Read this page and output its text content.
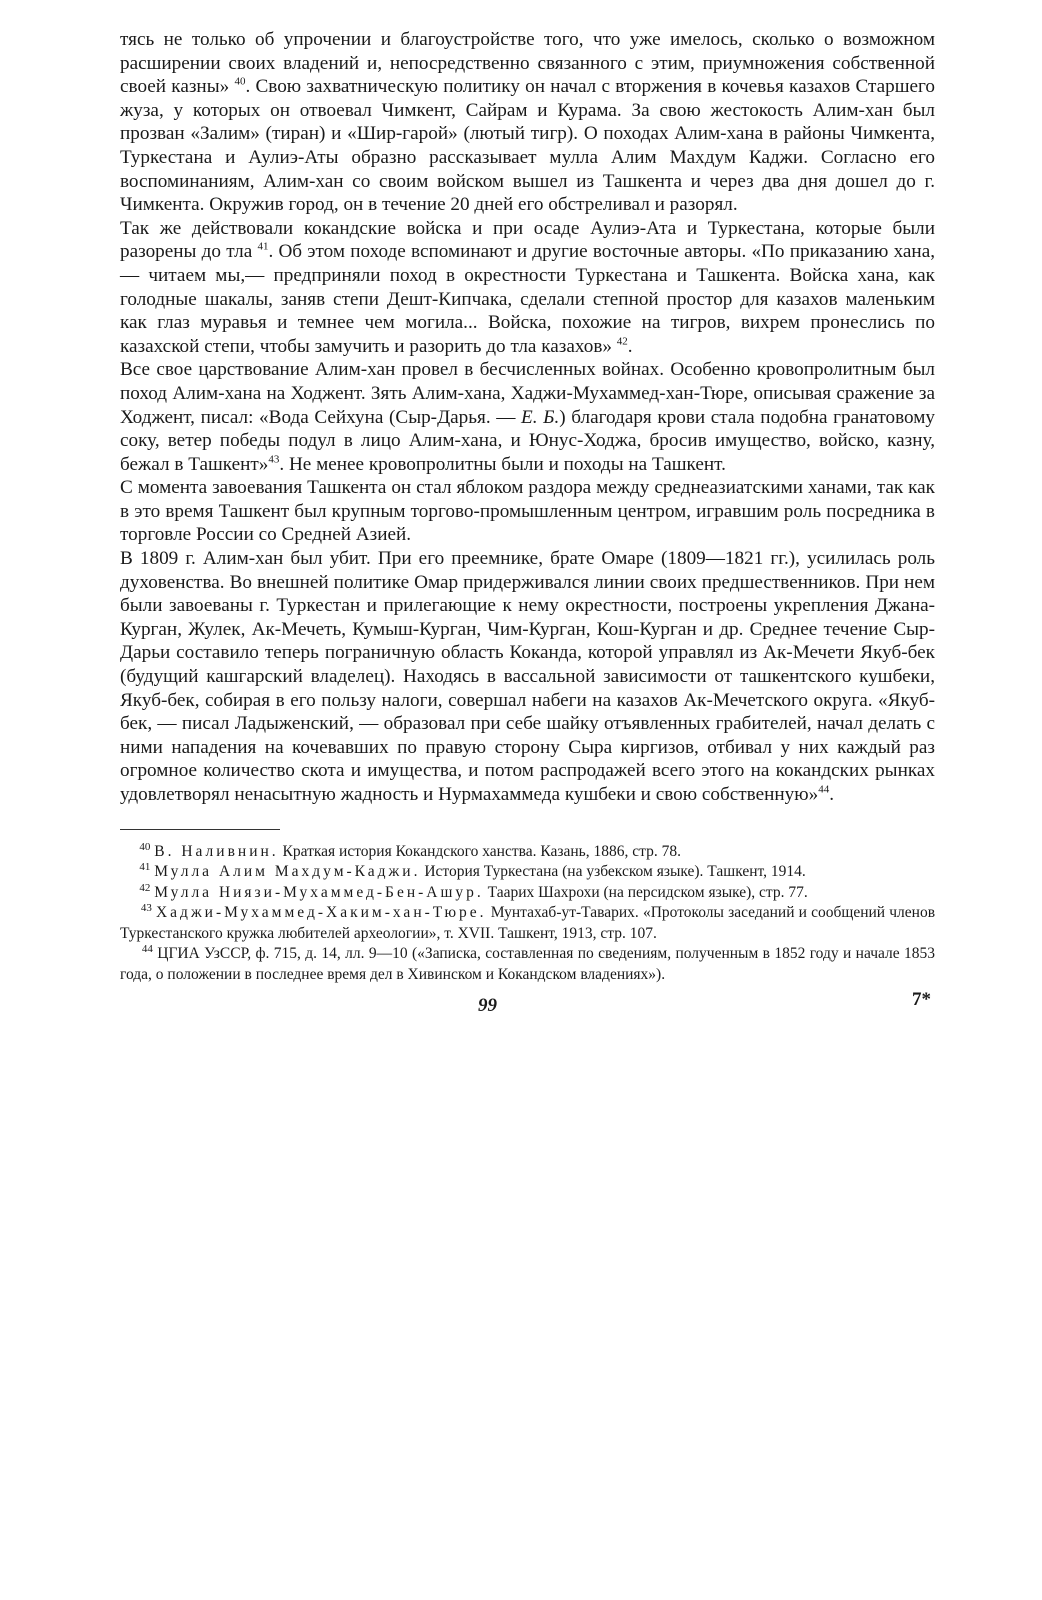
тясь не только об упрочении и благоустройстве того, что уже имелось, сколько о возможном расширении своих владений и, непосредственно связанного с этим, приумножения собственной своей казны» $^{40}$. Свою захватническую политику он начал с вторжения в кочевья казахов Старшего жуза, у которых он отвоевал Чимкент, Сайрам и Курама. За свою жестокость Алим-хан был прозван «Залим» (тиран) и «Шир-гарой» (лютый тигр). О походах Алим-хана в районы Чимкента, Туркестана и Аулиэ-Аты образно рассказывает мулла Алим Махдум Каджи. Согласно его воспоминаниям, Алим-хан со своим войском вышел из Ташкента и через два дня дошел до г. Чимкента. Окружив город, он в течение 20 дней его обстреливал и разорял.

Так же действовали кокандские войска и при осаде Аулиэ-Ата и Туркестана, которые были разорены до тла $^{41}$. Об этом походе вспоминают и другие восточные авторы. «По приказанию хана, — читаем мы,— предприняли поход в окрестности Туркестана и Ташкента. Войска хана, как голодные шакалы, заняв степи Дешт-Кипчака, сделали степной простор для казахов маленьким как глаз муравья и темнее чем могила... Войска, похожие на тигров, вихрем пронеслись по казахской степи, чтобы замучить и разорить до тла казахов» $^{42}$.

Все свое царствование Алим-хан провел в бесчисленных войнах. Особенно кровопролитным был поход Алим-хана на Ходжент. Зять Алим-хана, Хаджи-Мухаммед-хан-Тюре, описывая сражение за Ходжент, писал: «Вода Сейхуна (Сыр-Дарья. — Е. Б.) благодаря крови стала подобна гранатовому соку, ветер победы подул в лицо Алим-хана, и Юнус-Ходжа, бросив имущество, войско, казну, бежал в Ташкент»$^{43}$. Не менее кровопролитны были и походы на Ташкент.

С момента завоевания Ташкента он стал яблоком раздора между среднеазиатскими ханами, так как в это время Ташкент был крупным торгово-промышленным центром, игравшим роль посредника в торговле России со Средней Азией.

В 1809 г. Алим-хан был убит. При его преемнике, брате Омаре (1809—1821 гг.), усилилась роль духовенства. Во внешней политике Омар придерживался линии своих предшественников. При нем были завоеваны г. Туркестан и прилегающие к нему окрестности, построены укрепления Джана-Курган, Жулек, Ак-Мечеть, Кумыш-Курган, Чим-Курган, Кош-Курган и др. Среднее течение Сыр-Дарьи составило теперь пограничную область Коканда, которой управлял из Ак-Мечети Якуб-бек (будущий кашгарский владелец). Находясь в вассальной зависимости от ташкентского кушбеки, Якуб-бек, собирая в его пользу налоги, совершал набеги на казахов Ак-Мечетского округа. «Якуб-бек, — писал Ладыженский, — образовал при себе шайку отъявленных грабителей, начал делать с ними нападения на кочевавших по правую сторону Сыра киргизов, отбивал у них каждый раз огромное количество скота и имущества, и потом распродажей всего этого на кокандских рынках удовлетворял ненасытную жадность и Нурмахаммеда кушбеки и свою собственную»$^{44}$.

$^{40}$ В. Наливнин. Краткая история Кокандского ханства. Казань, 1886, стр. 78.

$^{41}$ Мулла Алим Махдум-Каджи. История Туркестана (на узбекском языке). Ташкент, 1914.

$^{42}$ Мулла Ниязи-Мухаммед-Бен-Ашур. Таарих Шахрохи (на персидском языке), стр. 77.

$^{43}$ Хаджи-Мухаммед-Хаким-хан-Тюре. Мунтахаб-ут-Таварих. «Протоколы заседаний и сообщений членов Туркестанского кружка любителей археологии», т. XVII. Ташкент, 1913, стр. 107.

$^{44}$ ЦГИА УзССР, ф. 715, д. 14, лл. 9—10 («Записка, составленная по сведениям, полученным в 1852 году и начале 1853 года, о положении в последнее время дел в Хивинском и Кокандском владениях»).

99	7*
